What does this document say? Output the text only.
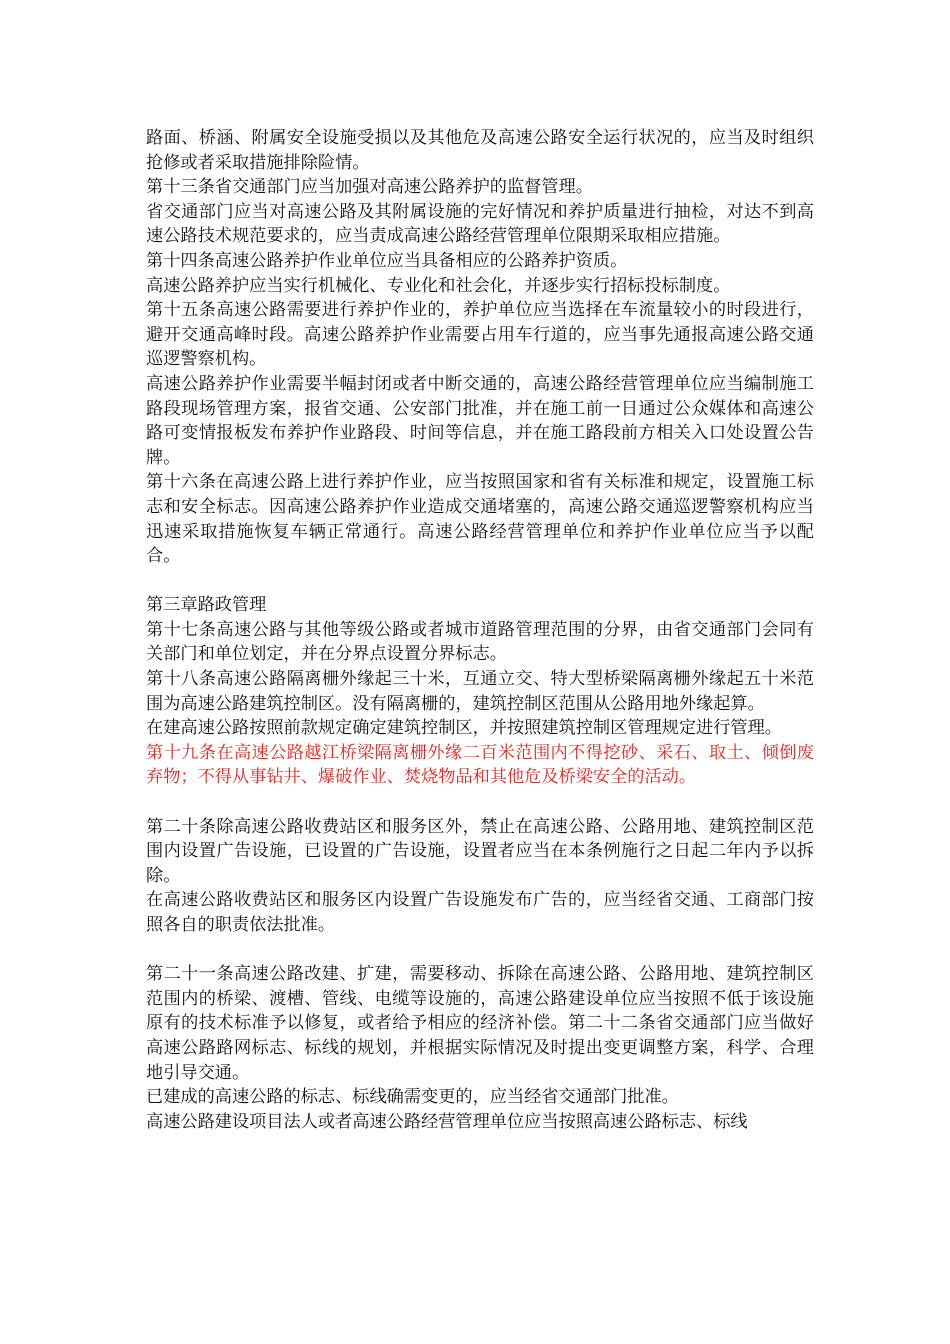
路面、桥涵、附属安全设施受损以及其他危及高速公路安全运行状况的，应当及时组织抢修或者采取措施排除险情。

第十三条省交通部门应当加强对高速公路养护的监督管理。

省交通部门应当对高速公路及其附属设施的完好情况和养护质量进行抽检，对达不到高速公路技术规范要求的，应当责成高速公路经营管理单位限期采取相应措施。

第十四条高速公路养护作业单位应当具备相应的公路养护资质。

高速公路养护应当实行机械化、专业化和社会化，并逐步实行招标投标制度。

第十五条高速公路需要进行养护作业的，养护单位应当选择在车流量较小的时段进行，避开交通高峰时段。高速公路养护作业需要占用车行道的，应当事先通报高速公路交通巡逻警察机构。

高速公路养护作业需要半幅封闭或者中断交通的，高速公路经营管理单位应当编制施工路段现场管理方案，报省交通、公安部门批准，并在施工前一日通过公众媒体和高速公路可变情报板发布养护作业路段、时间等信息，并在施工路段前方相关入口处设置公告牌。

第十六条在高速公路上进行养护作业，应当按照国家和省有关标准和规定，设置施工标志和安全标志。因高速公路养护作业造成交通堵塞的，高速公路交通巡逻警察机构应当迅速采取措施恢复车辆正常通行。高速公路经营管理单位和养护作业单位应当予以配合。

第三章路政管理

第十七条高速公路与其他等级公路或者城市道路管理范围的分界，由省交通部门会同有关部门和单位划定，并在分界点设置分界标志。

第十八条高速公路隔离栅外缘起三十米，互通立交、特大型桥梁隔离栅外缘起五十米范围为高速公路建筑控制区。没有隔离栅的，建筑控制区范围从公路用地外缘起算。

在建高速公路按照前款规定确定建筑控制区，并按照建筑控制区管理规定进行管理。

第十九条在高速公路越江桥梁隔离栅外缘二百米范围内不得挖砂、采石、取土、倾倒废弃物；不得从事钻井、爆破作业、焚烧物品和其他危及桥梁安全的活动。

第二十条除高速公路收费站区和服务区外，禁止在高速公路、公路用地、建筑控制区范围内设置广告设施，已设置的广告设施，设置者应当在本条例施行之日起二年内予以拆除。

在高速公路收费站区和服务区内设置广告设施发布广告的，应当经省交通、工商部门按照各自的职责依法批准。

第二十一条高速公路改建、扩建，需要移动、拆除在高速公路、公路用地、建筑控制区范围内的桥梁、渡槽、管线、电缆等设施的，高速公路建设单位应当按照不低于该设施原有的技术标准予以修复，或者给予相应的经济补偿。第二十二条省交通部门应当做好高速公路路网标志、标线的规划，并根据实际情况及时提出变更调整方案，科学、合理地引导交通。

已建成的高速公路的标志、标线确需变更的，应当经省交通部门批准。

高速公路建设项目法人或者高速公路经营管理单位应当按照高速公路标志、标线
